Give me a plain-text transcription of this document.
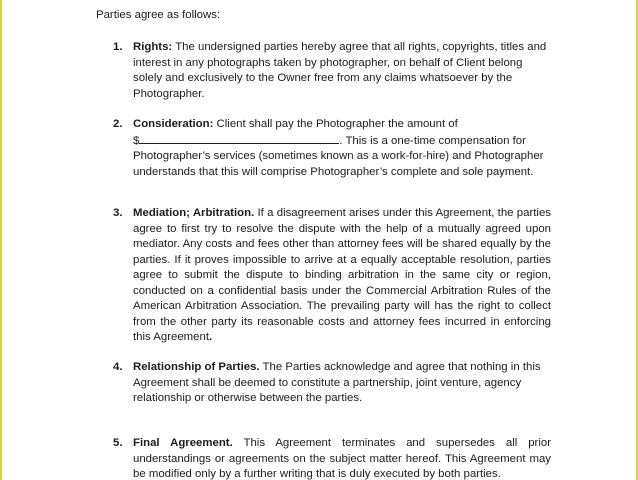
Parties agree as follows:

1. Rights: The undersigned parties hereby agree that all rights, copyrights, titles and interest in any photographs taken by photographer, on behalf of Client belong solely and exclusively to the Owner free from any claims whatsoever by the Photographer.
2. Consideration: Client shall pay the Photographer the amount of
$	. This is a one-time compensation for Photographer’s services (sometimes known as a work-for-hire) and Photographer understands that this will comprise Photographer’s complete and sole payment.
3. Mediation; Arbitration. If a disagreement arises under this Agreement, the parties agree to first try to resolve the dispute with the help of a mutually agreed upon mediator. Any costs and fees other than attorney fees will be shared equally by the parties. If it proves impossible to arrive at a equally acceptable resolution, parties agree to submit the dispute to binding arbitration in the same city or region, conducted on a confidential basis under the Commercial Arbitration Rules of the American Arbitration Association. The prevailing party will has the right to collect from the other party its reasonable costs and attorney fees incurred in enforcing this Agreement.
4. Relationship of Parties. The Parties acknowledge and agree that nothing in this Agreement shall be deemed to constitute a partnership, joint venture, agency relationship or otherwise between the parties.
5. Final Agreement. This Agreement terminates and supersedes all prior understandings or agreements on the subject matter hereof. This Agreement may be modified only by a further writing that is duly executed by both parties.
